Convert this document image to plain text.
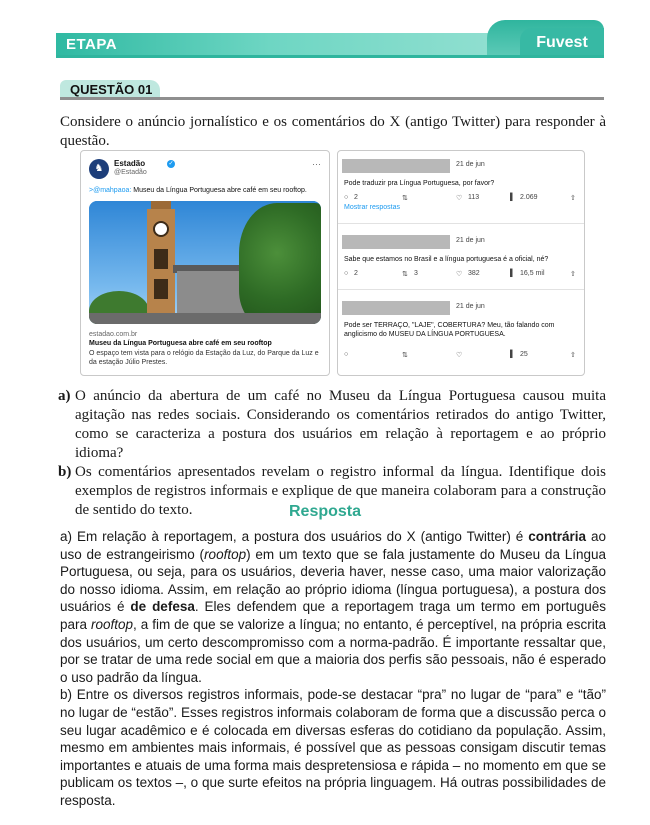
ETAPA	Fuvest
QUESTÃO 01
Considere o anúncio jornalístico e os comentários do X (antigo Twitter) para responder à questão.
♞	Estadão
@Estadão
✓	···
>@mahpaoa: Museu da Língua Portuguesa abre café em seu rooftop.
estadao.com.br
Museu da Língua Portuguesa abre café em seu rooftop
O espaço tem vista para o relógio da Estação da Luz, do Parque da Luz e da estação Júlio Prestes.
21 de jun
Pode traduzir pra Língua Portuguesa, por favor?
○ 2	⇅	♡ 113	▌ 2.069	⇧
Mostrar respostas
21 de jun
Sabe que estamos no Brasil e a língua portuguesa é a oficial, né?
○ 2	⇅ 3	♡ 382	▌ 16,5 mil	⇧
21 de jun
Pode ser TERRAÇO, "LAJE", COBERTURA? Meu, tão falando com anglicismo do MUSEU DA LÍNGUA PORTUGUESA.
○	⇅	♡	▌ 25	⇧
a) O anúncio da abertura de um café no Museu da Língua Portuguesa causou muita agitação nas redes sociais. Considerando os comentários retirados do antigo Twitter, como se caracteriza a postura dos usuários em relação à reportagem e ao próprio idioma?
b) Os comentários apresentados revelam o registro informal da língua. Identifique dois exemplos de registros informais e explique de que maneira colaboram para a construção de sentido do texto.	Resposta

a) Em relação à reportagem, a postura dos usuários do X (antigo Twitter) é contrária ao uso de estrangeirismo (rooftop) em um texto que se fala justamente do Museu da Língua Portuguesa, ou seja, para os usuários, deveria haver, nesse caso, uma maior valorização do nosso idioma. Assim, em relação ao próprio idioma (língua portuguesa), a postura dos usuários é de defesa. Eles defendem que a reportagem traga um termo em português para rooftop, a fim de que se valorize a língua; no entanto, é perceptível, na própria escrita dos usuários, um certo descompromisso com a norma-padrão. É importante ressaltar que, por se tratar de uma rede social em que a maioria dos perfis são pessoais, não é esperado o uso padrão da língua.

b) Entre os diversos registros informais, pode-se destacar “pra” no lugar de “para” e “tão” no lugar de “estão”. Esses registros informais colaboram de forma que a discussão perca o seu lugar acadêmico e é colocada em diversas esferas do cotidiano da população. Assim, mesmo em ambientes mais informais, é possível que as pessoas consigam discutir temas importantes e atuais de uma forma mais despretensiosa e rápida – no momento em que se publicam os textos –, o que surte efeitos na própria linguagem. Há outras possibilidades de resposta.
